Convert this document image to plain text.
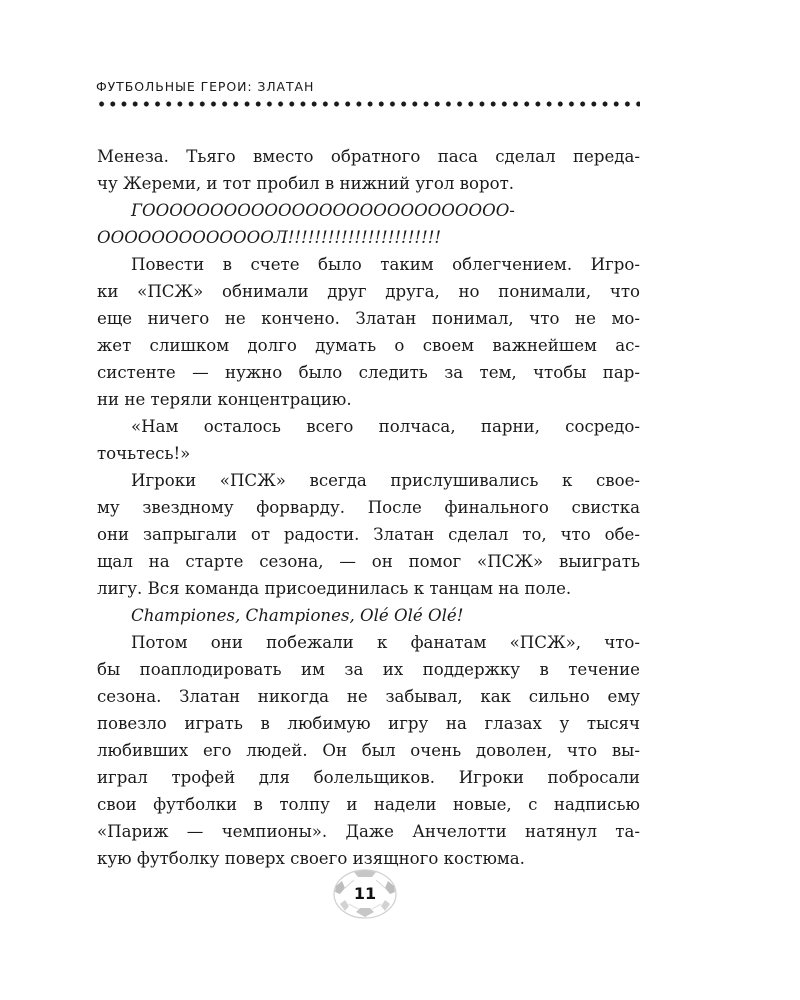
ФУТБОЛЬНЫЕ ГЕРОИ: ЗЛАТАН
Менеза. Тьяго вместо обратного паса сделал переда-
чу Жереми, и тот пробил в нижний угол ворот.
ГООООООООООООООООООООООООООО-
ОООООООООООООЛ!!!!!!!!!!!!!!!!!!!!!!!
Повести в счете было таким облегчением. Игро-
ки «ПСЖ» обнимали друг друга, но понимали, что
еще ничего не кончено. Златан понимал, что не мо-
жет слишком долго думать о своем важнейшем ас-
систенте — нужно было следить за тем, чтобы пар-
ни не теряли концентрацию.
«Нам осталось всего полчаса, парни, сосредо-
точьтесь!»
Игроки «ПСЖ» всегда прислушивались к свое-
му звездному форварду. После финального свистка
они запрыгали от радости. Златан сделал то, что обе-
щал на старте сезона, — он помог «ПСЖ» выиграть
лигу. Вся команда присоединилась к танцам на поле.
Championes, Championes, Olé Olé Olé!
Потом они побежали к фанатам «ПСЖ», что-
бы поаплодировать им за их поддержку в течение
сезона. Златан никогда не забывал, как сильно ему
повезло играть в любимую игру на глазах у тысяч
любивших его людей. Он был очень доволен, что вы-
играл трофей для болельщиков. Игроки побросали
свои футболки в толпу и надели новые, с надписью
«Париж — чемпионы». Даже Анчелотти натянул та-
кую футболку поверх своего изящного костюма.
11
